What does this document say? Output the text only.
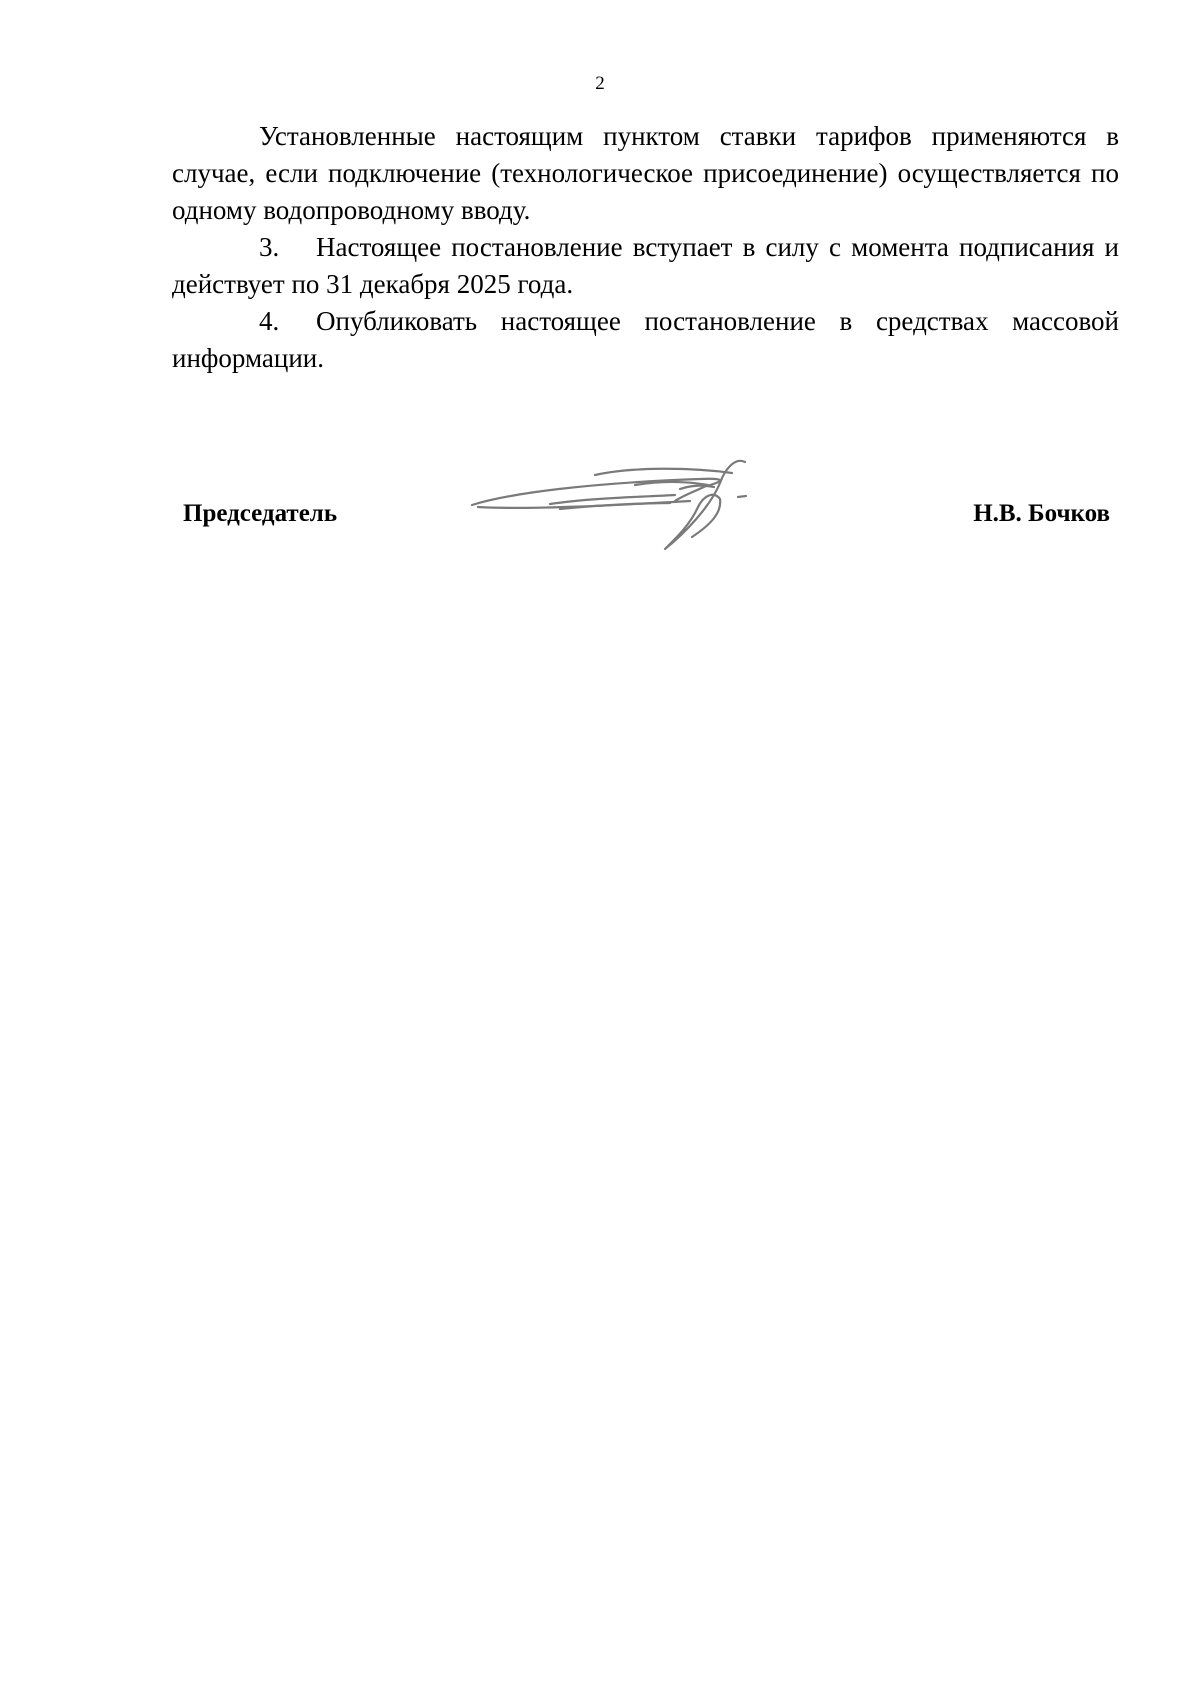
2

Установленные настоящим пунктом ставки тарифов применяются в случае, если подключение (технологическое присоединение) осуществляется по одному водопроводному вводу.

3. Настоящее постановление вступает в силу с момента подписания и действует по 31 декабря 2025 года.

4. Опубликовать настоящее постановление в средствах массовой информации.

Председатель	Н.В. Бочков
